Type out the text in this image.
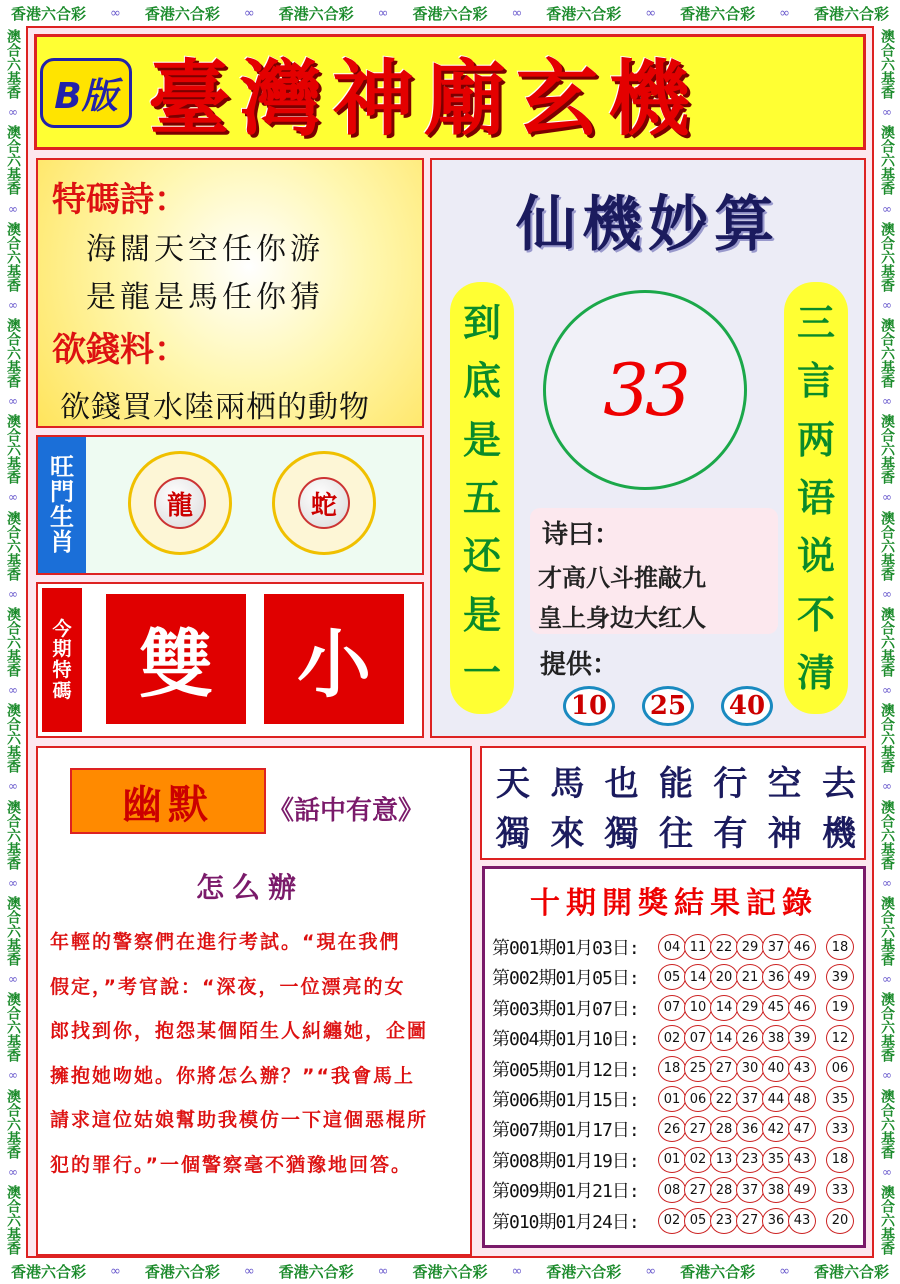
香港六合彩 ∞ 香港六合彩 ∞ 香港六合彩 ∞ 香港六合彩 ∞ 香港六合彩 ∞ 香港六合彩 ∞ 香港六合彩
香港六合彩 ∞ 香港六合彩 ∞ 香港六合彩 ∞ 香港六合彩 ∞ 香港六合彩 ∞ 香港六合彩 ∞ 香港六合彩
澳合六基香
∞
澳合六基香
∞
澳合六基香
∞
澳合六基香
∞
澳合六基香
∞
澳合六基香
∞
澳合六基香
∞
澳合六基香
∞
澳合六基香
∞
澳合六基香
∞
澳合六基香
∞
澳合六基香
∞
澳合六基香
澳合六基香
∞
澳合六基香
∞
澳合六基香
∞
澳合六基香
∞
澳合六基香
∞
澳合六基香
∞
澳合六基香
∞
澳合六基香
∞
澳合六基香
∞
澳合六基香
∞
澳合六基香
∞
澳合六基香
∞
澳合六基香
B版 臺灣神廟玄機
特碼詩：
海闊天空任你游
是龍是馬任你猜
欲錢料：
欲錢買水陸兩栖的動物
旺
門
生
肖
龍	蛇
今
期
特
碼 雙	小
仙機妙算
到
底
是
五
还
是
一
三
言
两
语
说
不
清
33
诗曰：
才高八斗推敲九
皇上身边大红人
提供：
10	25	40
幽默	《話中有意》
怎么辦

年輕的警察們在進行考試。“現在我們

假定，”考官說：“深夜，一位漂亮的女

郎找到你，抱怨某個陌生人糾纏她，企圖

擁抱她吻她。你將怎么辦？”“我會馬上

請求這位姑娘幫助我模仿一下這個惡棍所

犯的罪行。”一個警察毫不猶豫地回答。

天 馬 也 能 行 空 去
獨 來 獨 往 有 神 機
十期開獎結果記錄
第001期01月03日:	04 11 22 29 37 46	18
第002期01月05日:	05 14 20 21 36 49	39
第003期01月07日:	07 10 14 29 45 46	19
第004期01月10日:	02 07 14 26 38 39	12
第005期01月12日:	18 25 27 30 40 43	06
第006期01月15日:	01 06 22 37 44 48	35
第007期01月17日:	26 27 28 36 42 47	33
第008期01月19日:	01 02 13 23 35 43	18
第009期01月21日:	08 27 28 37 38 49	33
第010期01月24日:	02 05 23 27 36 43	20
